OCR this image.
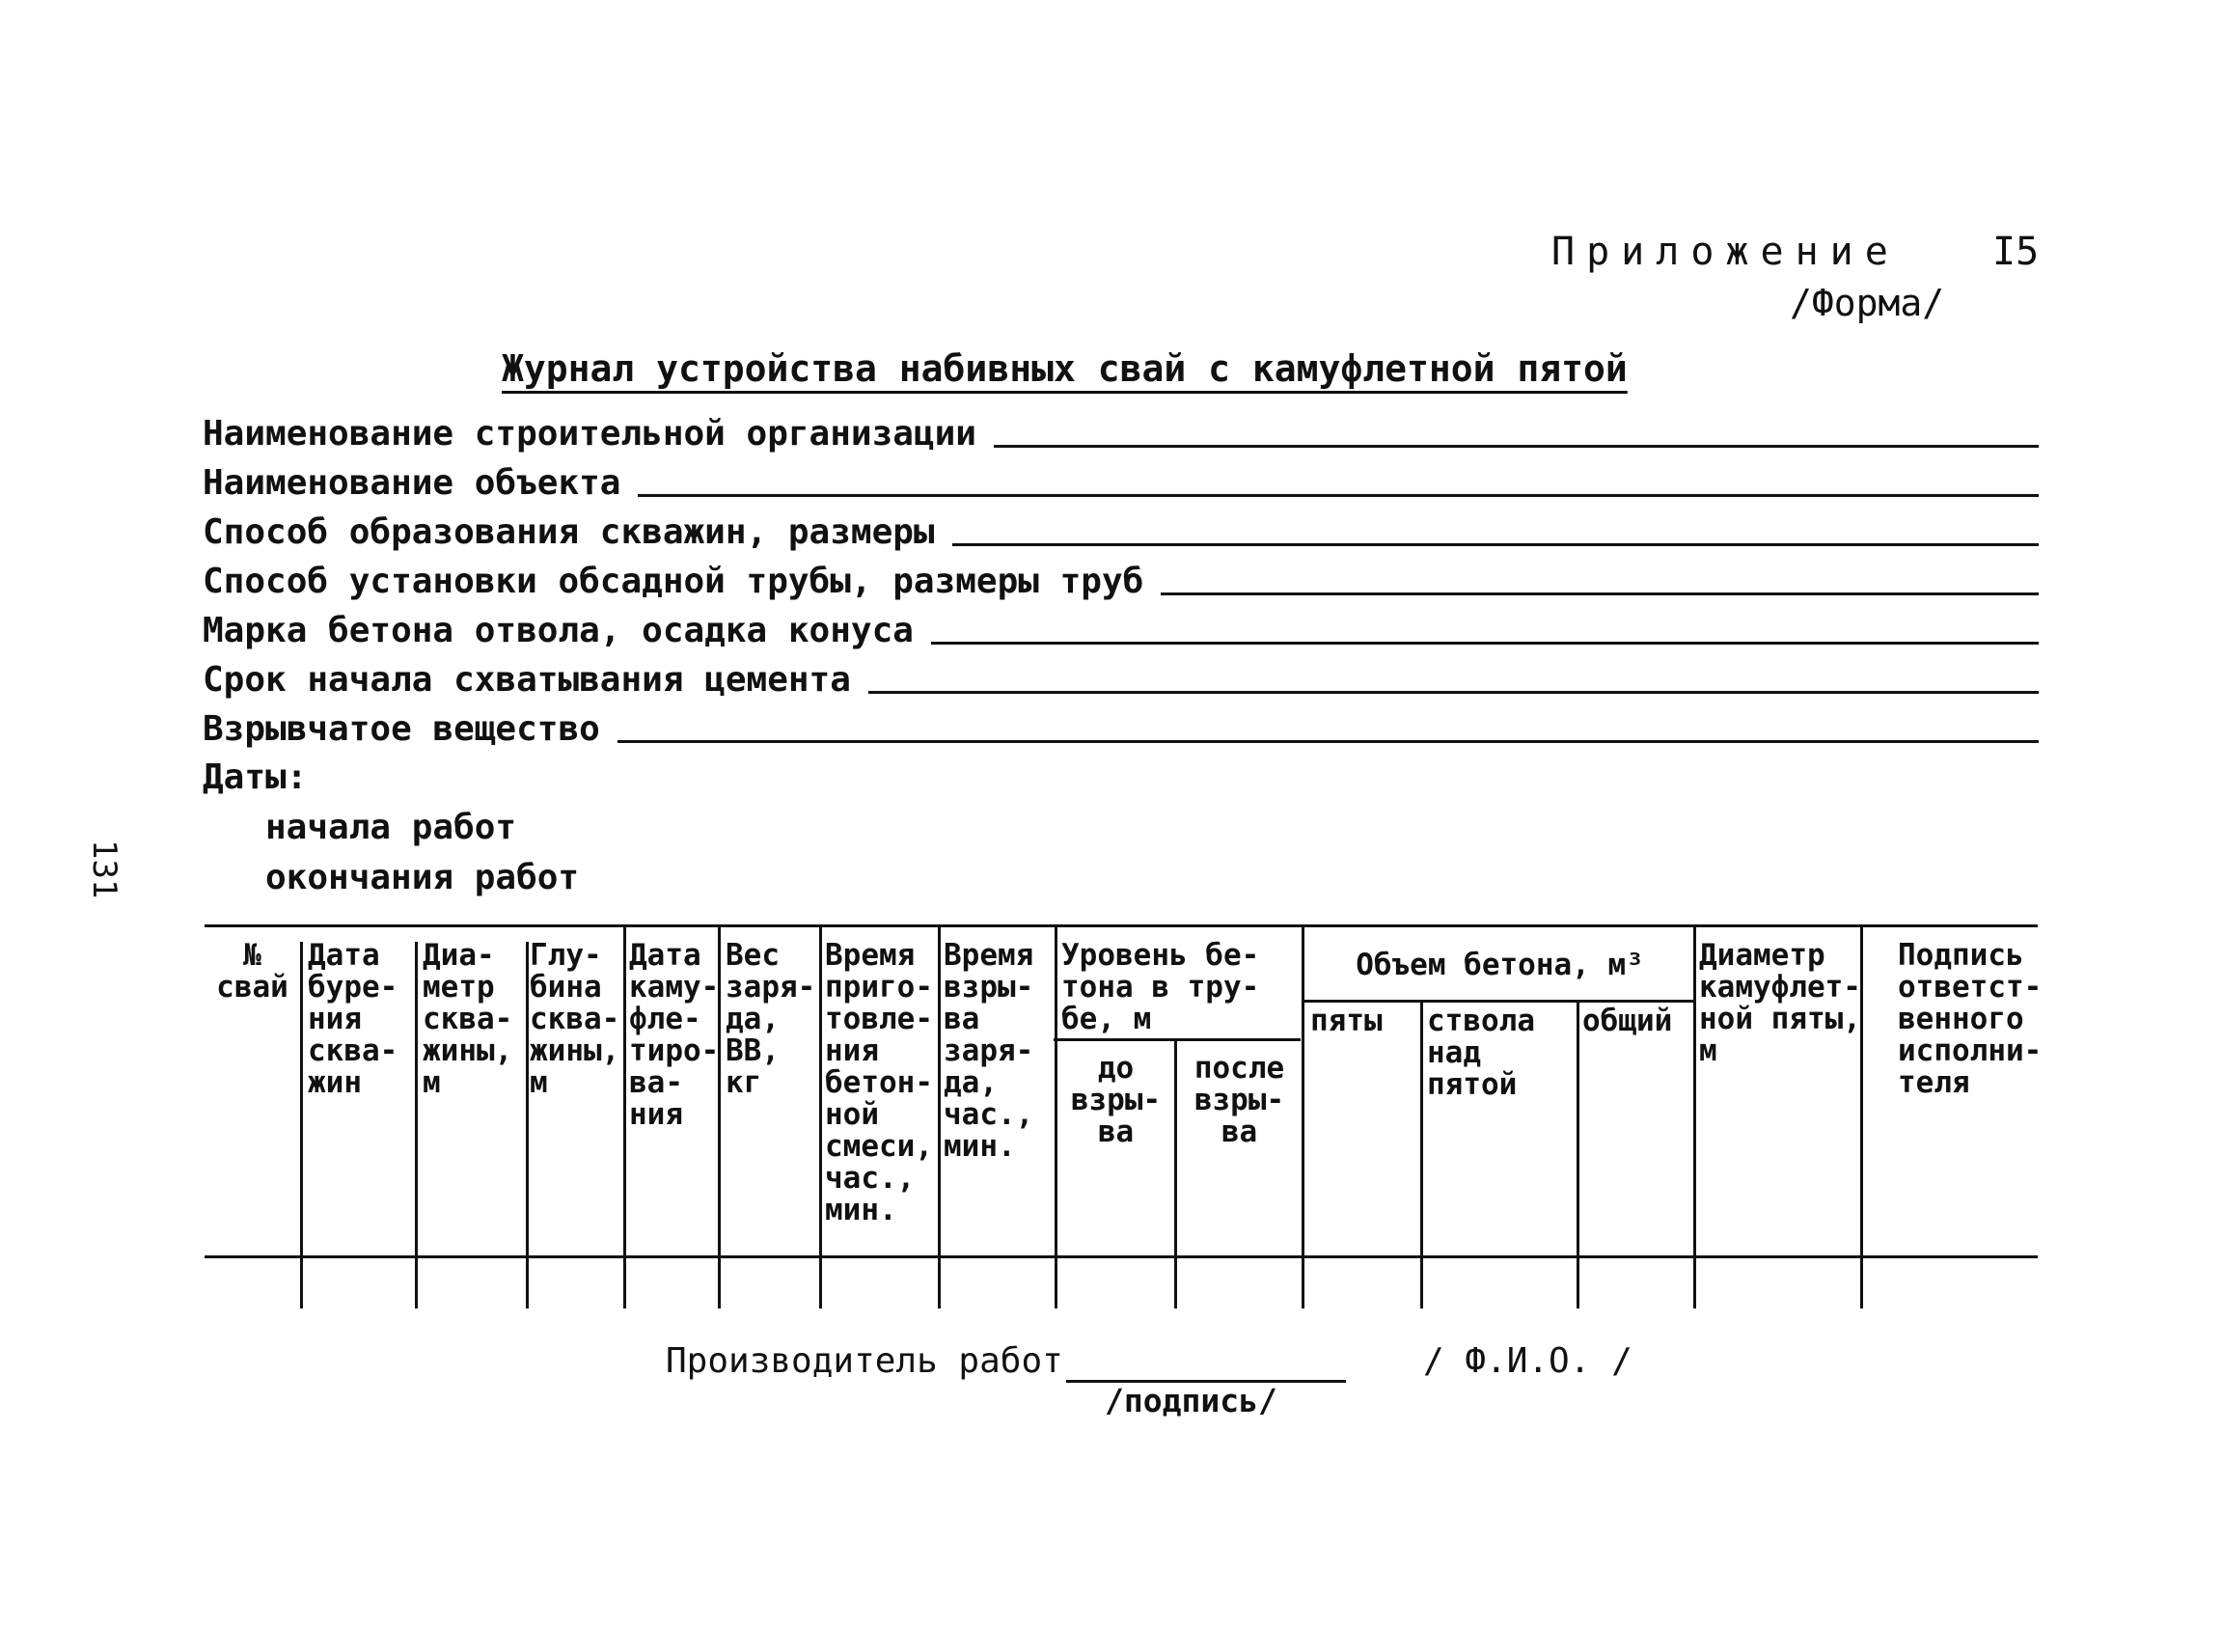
Приложение I5
/Форма/
Журнал устройства набивных свай с камуфлетной пятой
Наименование строительной организации
Наименование объекта
Способ образования скважин, размеры
Способ установки обсадной трубы, размеры труб
Марка бетона отвола, осадка конуса
Срок начала схватывания цемента
Взрывчатое вещество
Даты:
начала работ
окончания работ
131
№
свай
Дата
буре-
ния
сква-
жин
Диа-
метр
сква-
жины,
м
Глу-
бина
сква-
жины,
м
Дата
каму-
фле-
тиро-
ва-
ния
Вес
заря-
да,
ВВ,
кг
Время
приго-
товле-
ния
бетон-
ной
смеси,
час.,
мин.
Время
взры-
ва
заря-
да,
час.,
мин.
Уровень бе-
тона в тру-
бе, м
Объем бетона, м³	Диаметр
камуфлет-
ной пяты,
м
Подпись
ответст-
венного
исполни-
теля
до
взры-
ва
после
взры-
ва
пяты ствола
над
пятой
общий
Производитель работ
/подпись/
/ Ф.И.О. /
